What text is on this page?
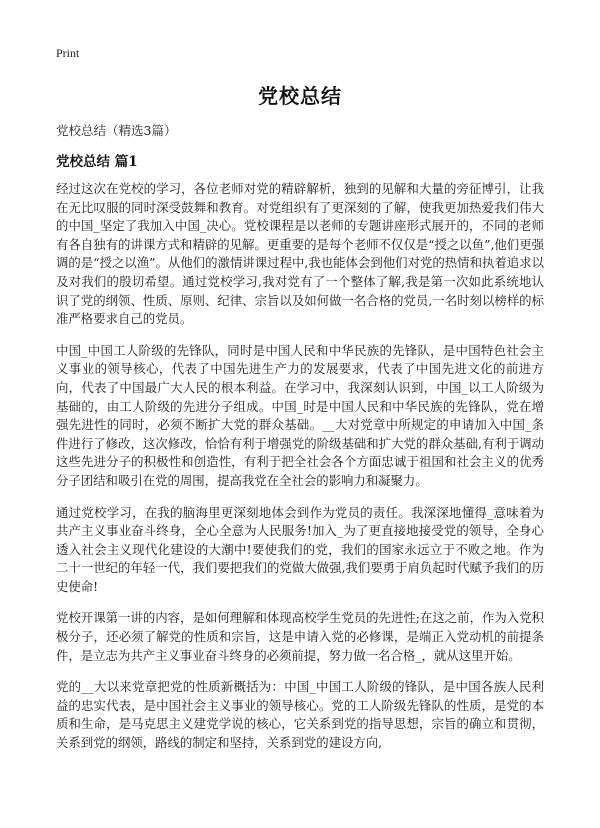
Print
党校总结
党校总结（精选3篇）
党校总结 篇1

经过这次在党校的学习，各位老师对党的精辟解析，独到的见解和大量的旁征博引，让我在无比叹服的同时深受鼓舞和教育。对党组织有了更深刻的了解，使我更加热爱我们伟大的中国_坚定了我加入中国_决心。党校课程是以老师的专题讲座形式展开的，不同的老师有各自独有的讲课方式和精辟的见解。更重要的是每个老师不仅仅是“授之以鱼”,他们更强调的是“授之以渔”。从他们的激情讲课过程中,我也能体会到他们对党的热情和执着追求以及对我们的殷切希望。通过党校学习,我对党有了一个整体了解,我是第一次如此系统地认识了党的纲领、性质、原则、纪律、宗旨以及如何做一名合格的党员,一名时刻以榜样的标准严格要求自己的党员。

中国_中国工人阶级的先锋队，同时是中国人民和中华民族的先锋队，是中国特色社会主义事业的领导核心，代表了中国先进生产力的发展要求，代表了中国先进文化的前进方向，代表了中国最广大人民的根本利益。在学习中，我深刻认识到，中国_以工人阶级为基础的，由工人阶级的先进分子组成。中国_时是中国人民和中华民族的先锋队，党在增强先进性的同时，必须不断扩大党的群众基础。__大对党章中所规定的申请加入中国_条件进行了修改，这次修改，恰恰有利于增强党的阶级基础和扩大党的群众基础,有利于调动这些先进分子的积极性和创造性，有利于把全社会各个方面忠诚于祖国和社会主义的优秀分子团结和吸引在党的周围，提高我党在全社会的影响力和凝聚力。

通过党校学习，在我的脑海里更深刻地体会到作为党员的责任。我深深地懂得_意味着为共产主义事业奋斗终身，全心全意为人民服务!加入_为了更直接地接受党的领导，全身心透入社会主义现代化建设的大潮中!要使我们的党，我们的国家永远立于不败之地。作为二十一世纪的年轻一代，我们要把我们的党做大做强,我们要勇于肩负起时代赋予我们的历史使命!

党校开课第一讲的内容，是如何理解和体现高校学生党员的先进性;在这之前，作为入党积极分子，还必须了解党的性质和宗旨，这是申请入党的必修课，是端正入党动机的前提条件，是立志为共产主义事业奋斗终身的必须前提，努力做一名合格_，就从这里开始。

党的__大以来党章把党的性质新概括为：中国_中国工人阶级的锋队，是中国各族人民利益的忠实代表，是中国社会主义事业的领导核心。党的工人阶级先锋队的性质，是党的本质和生命，是马克思主义建党学说的核心，它关系到党的指导思想，宗旨的确立和贯彻，关系到党的纲领，路线的制定和坚持，关系到党的建设方向,
